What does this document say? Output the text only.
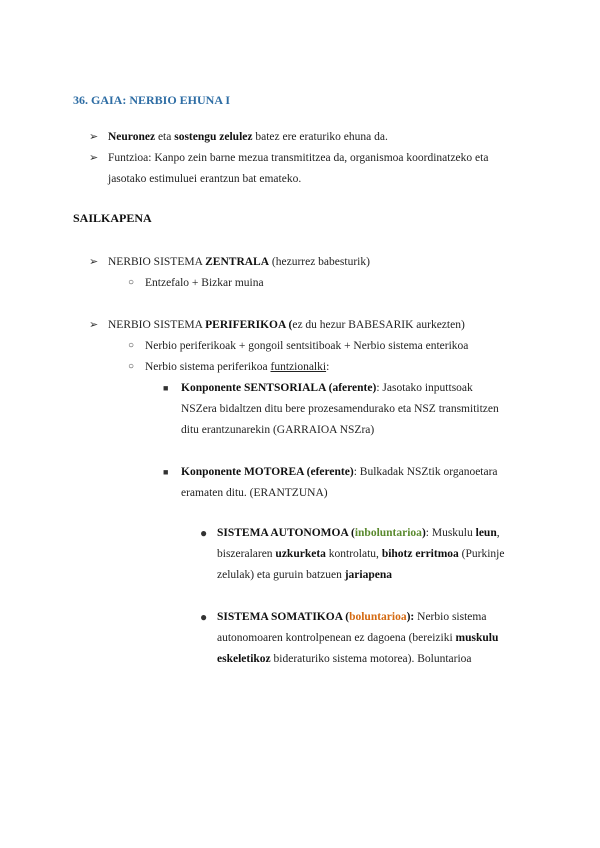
36. GAIA: NERBIO EHUNA I
➢ Neuronez eta sostengu zelulez batez ere eraturiko ehuna da.
➢ Funtzioa: Kanpo zein barne mezua transmititzea da, organismoa koordinatzeko eta
jasotako estimuluei erantzun bat emateko.
SAILKAPENA
➢ NERBIO SISTEMA ZENTRALA (hezurrez babesturik)
○ Entzefalo + Bizkar muina
➢ NERBIO SISTEMA PERIFERIKOA (ez du hezur BABESARIK aurkezten)
○ Nerbio periferikoak + gongoil sentsitiboak + Nerbio sistema enterikoa
○ Nerbio sistema periferikoa funtzionalki:
■ Konponente SENTSORIALA (aferente): Jasotako inputtsoak
NSZera bidaltzen ditu bere prozesamendurako eta NSZ transmititzen
ditu erantzunarekin (GARRAIOA NSZra)
■ Konponente MOTOREA (eferente): Bulkadak NSZtik organoetara
eramaten ditu. (ERANTZUNA)
● SISTEMA AUTONOMOA (inboluntarioa): Muskulu leun,
biszeralaren uzkurketa kontrolatu, bihotz erritmoa (Purkinje
zelulak) eta guruin batzuen jariapena
● SISTEMA SOMATIKOA (boluntarioa): Nerbio sistema
autonomoaren kontrolpenean ez dagoena (bereiziki muskulu
eskeletikoz bideraturiko sistema motorea). Boluntarioa
